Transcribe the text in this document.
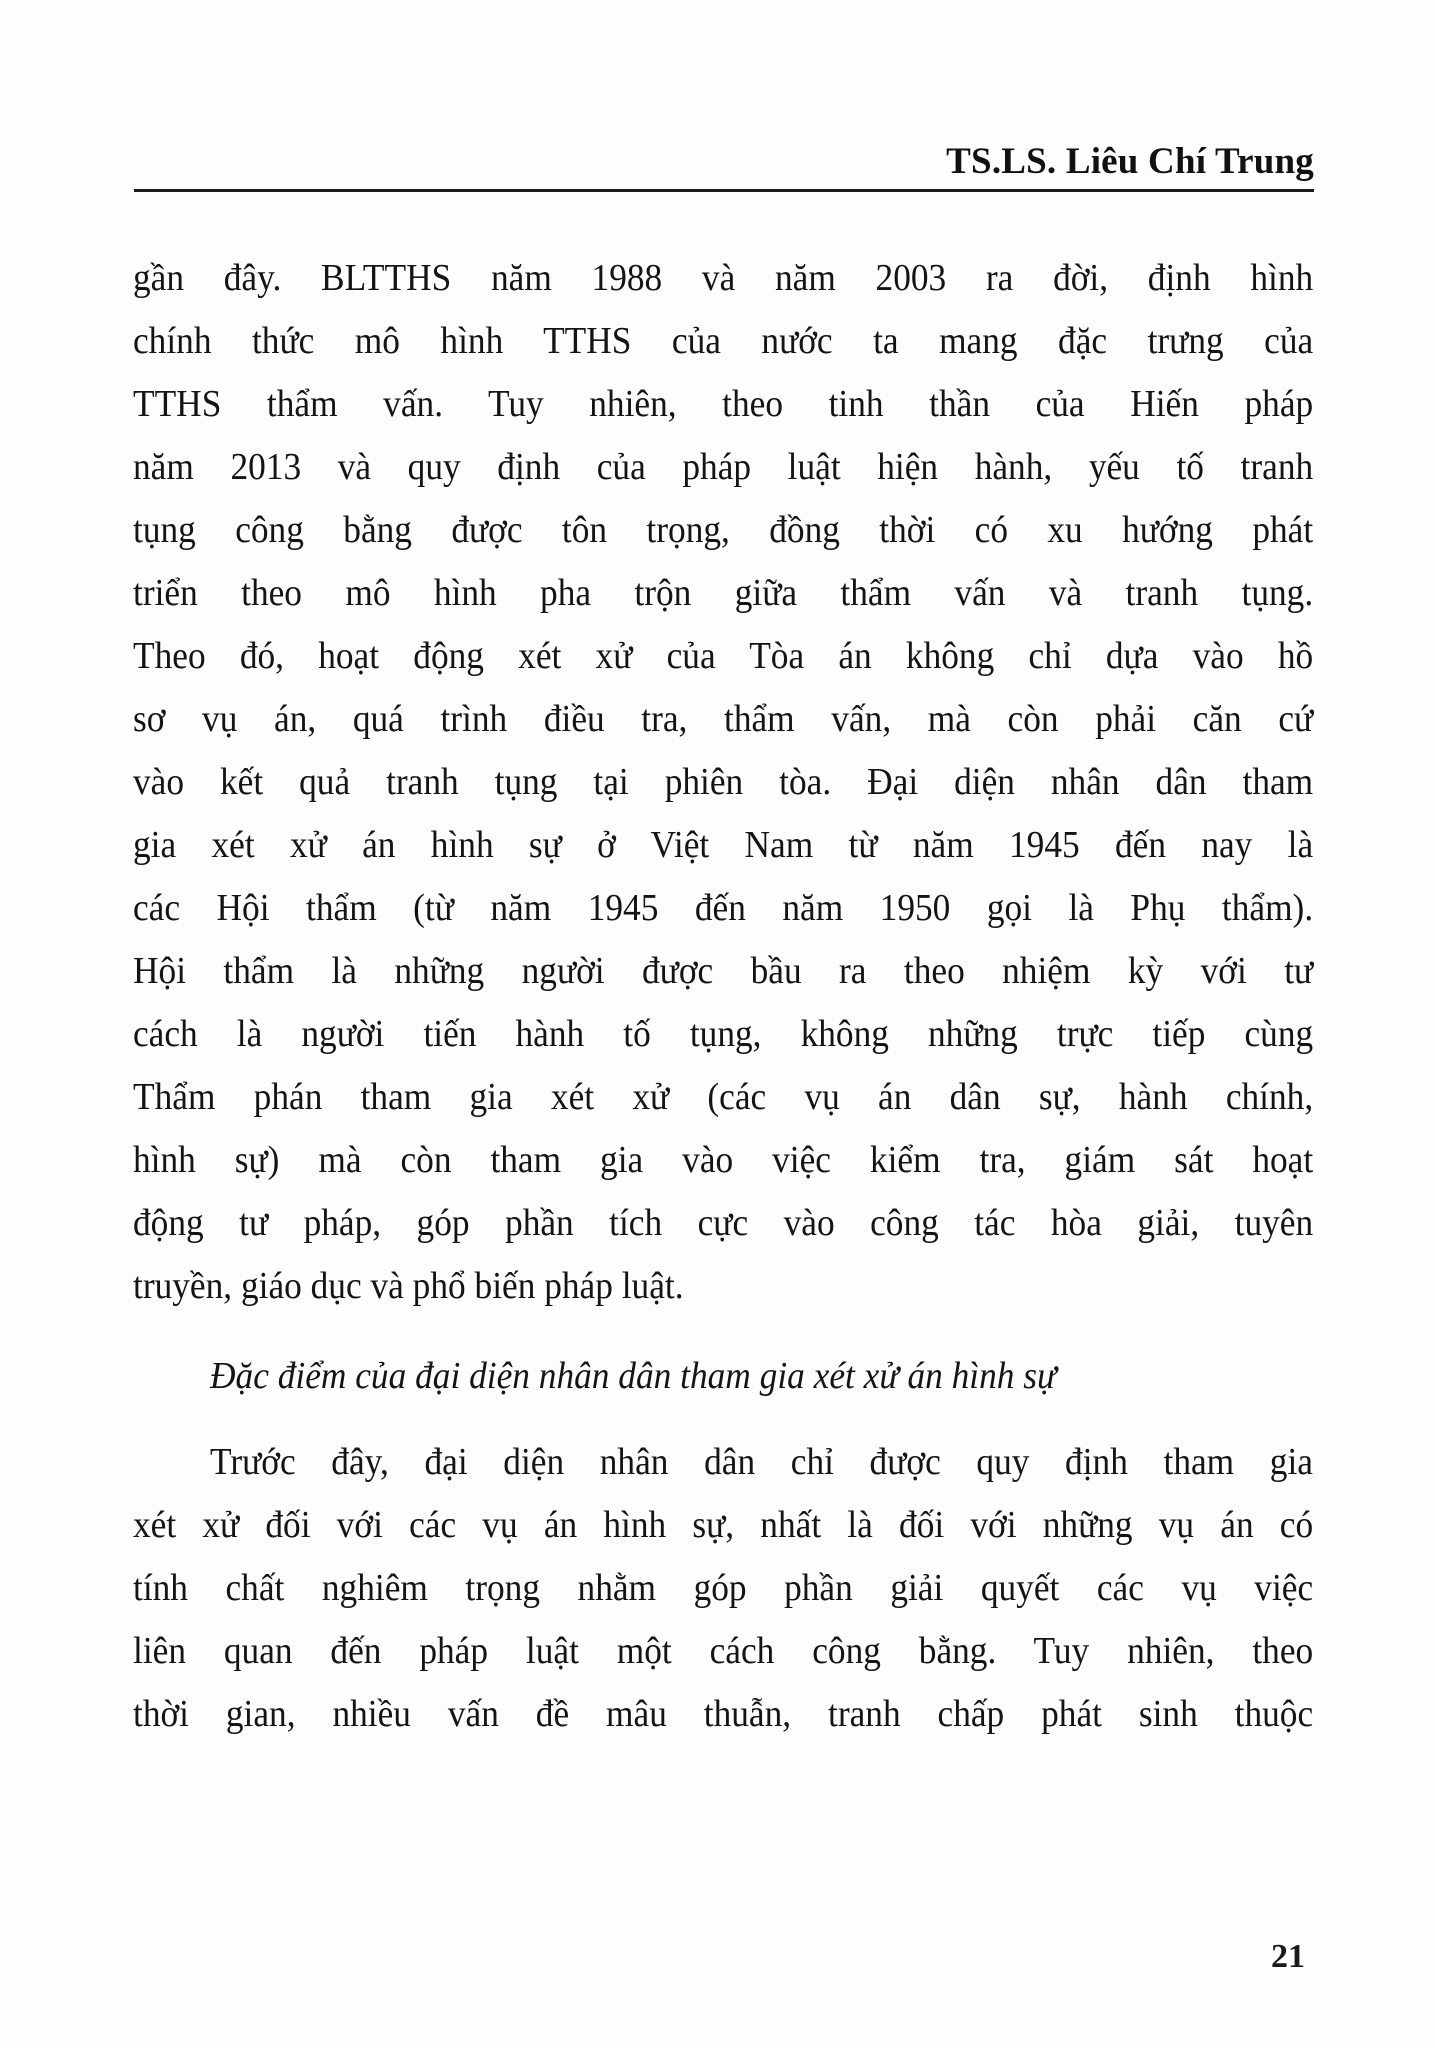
TS.LS. Liêu Chí Trung
gần đây. BLTTHS năm 1988 và năm 2003 ra đời, định hình
chính thức mô hình TTHS của nước ta mang đặc trưng của
TTHS thẩm vấn. Tuy nhiên, theo tinh thần của Hiến pháp
năm 2013 và quy định của pháp luật hiện hành, yếu tố tranh
tụng công bằng được tôn trọng, đồng thời có xu hướng phát
triển theo mô hình pha trộn giữa thẩm vấn và tranh tụng.
Theo đó, hoạt động xét xử của Tòa án không chỉ dựa vào hồ
sơ vụ án, quá trình điều tra, thẩm vấn, mà còn phải căn cứ
vào kết quả tranh tụng tại phiên tòa. Đại diện nhân dân tham
gia xét xử án hình sự ở Việt Nam từ năm 1945 đến nay là
các Hội thẩm (từ năm 1945 đến năm 1950 gọi là Phụ thẩm).
Hội thẩm là những người được bầu ra theo nhiệm kỳ với tư
cách là người tiến hành tố tụng, không những trực tiếp cùng
Thẩm phán tham gia xét xử (các vụ án dân sự, hành chính,
hình sự) mà còn tham gia vào việc kiểm tra, giám sát hoạt
động tư pháp, góp phần tích cực vào công tác hòa giải, tuyên
truyền, giáo dục và phổ biến pháp luật.
Đặc điểm của đại diện nhân dân tham gia xét xử án hình sự
Trước đây, đại diện nhân dân chỉ được quy định tham gia
xét xử đối với các vụ án hình sự, nhất là đối với những vụ án có
tính chất nghiêm trọng nhằm góp phần giải quyết các vụ việc
liên quan đến pháp luật một cách công bằng. Tuy nhiên, theo
thời gian, nhiều vấn đề mâu thuẫn, tranh chấp phát sinh thuộc
21
